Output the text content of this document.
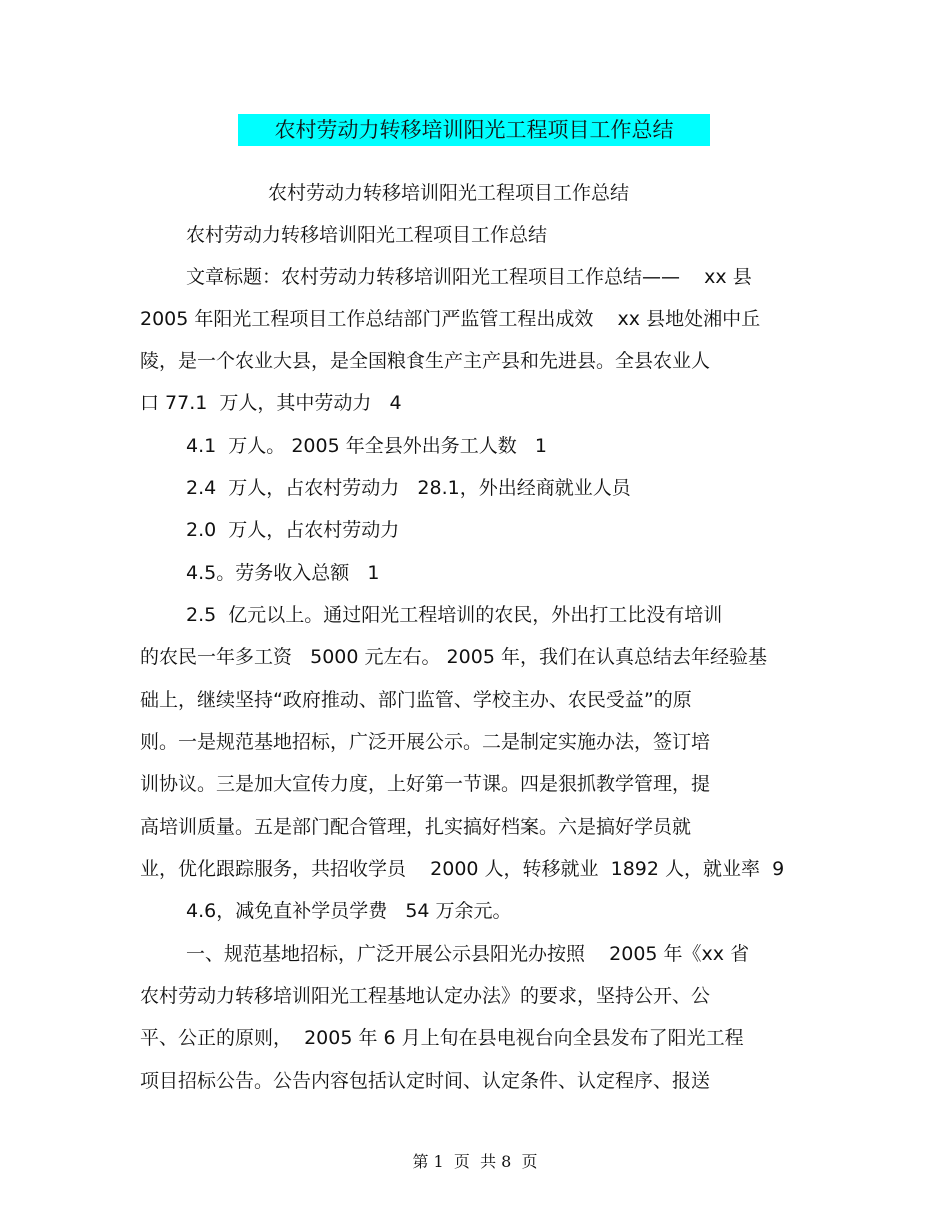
农村劳动力转移培训阳光工程项目工作总结

农村劳动力转移培训阳光工程项目工作总结

农村劳动力转移培训阳光工程项目工作总结

文章标题：农村劳动力转移培训阳光工程项目工作总结——    xx 县

2005 年阳光工程项目工作总结部门严监管工程出成效    xx 县地处湘中丘

陵，是一个农业大县，是全国粮食生产主产县和先进县。全县农业人

口 77.1  万人，其中劳动力   4

4.1  万人。 2005 年全县外出务工人数   1

2.4  万人，占农村劳动力   28.1，外出经商就业人员

2.0  万人，占农村劳动力

4.5。劳务收入总额   1

2.5  亿元以上。通过阳光工程培训的农民，外出打工比没有培训

的农民一年多工资   5000 元左右。 2005 年，我们在认真总结去年经验基

础上，继续坚持“政府推动、部门监管、学校主办、农民受益”的原

则。一是规范基地招标，广泛开展公示。二是制定实施办法，签订培

训协议。三是加大宣传力度，上好第一节课。四是狠抓教学管理，提

高培训质量。五是部门配合管理，扎实搞好档案。六是搞好学员就

业，优化跟踪服务，共招收学员    2000 人，转移就业  1892 人，就业率  9

4.6，减免直补学员学费   54 万余元。

一、规范基地招标，广泛开展公示县阳光办按照    2005 年《xx 省

农村劳动力转移培训阳光工程基地认定办法》的要求，坚持公开、公

平、公正的原则，  2005 年 6 月上旬在县电视台向全县发布了阳光工程

项目招标公告。公告内容包括认定时间、认定条件、认定程序、报送

第 1  页  共 8  页
